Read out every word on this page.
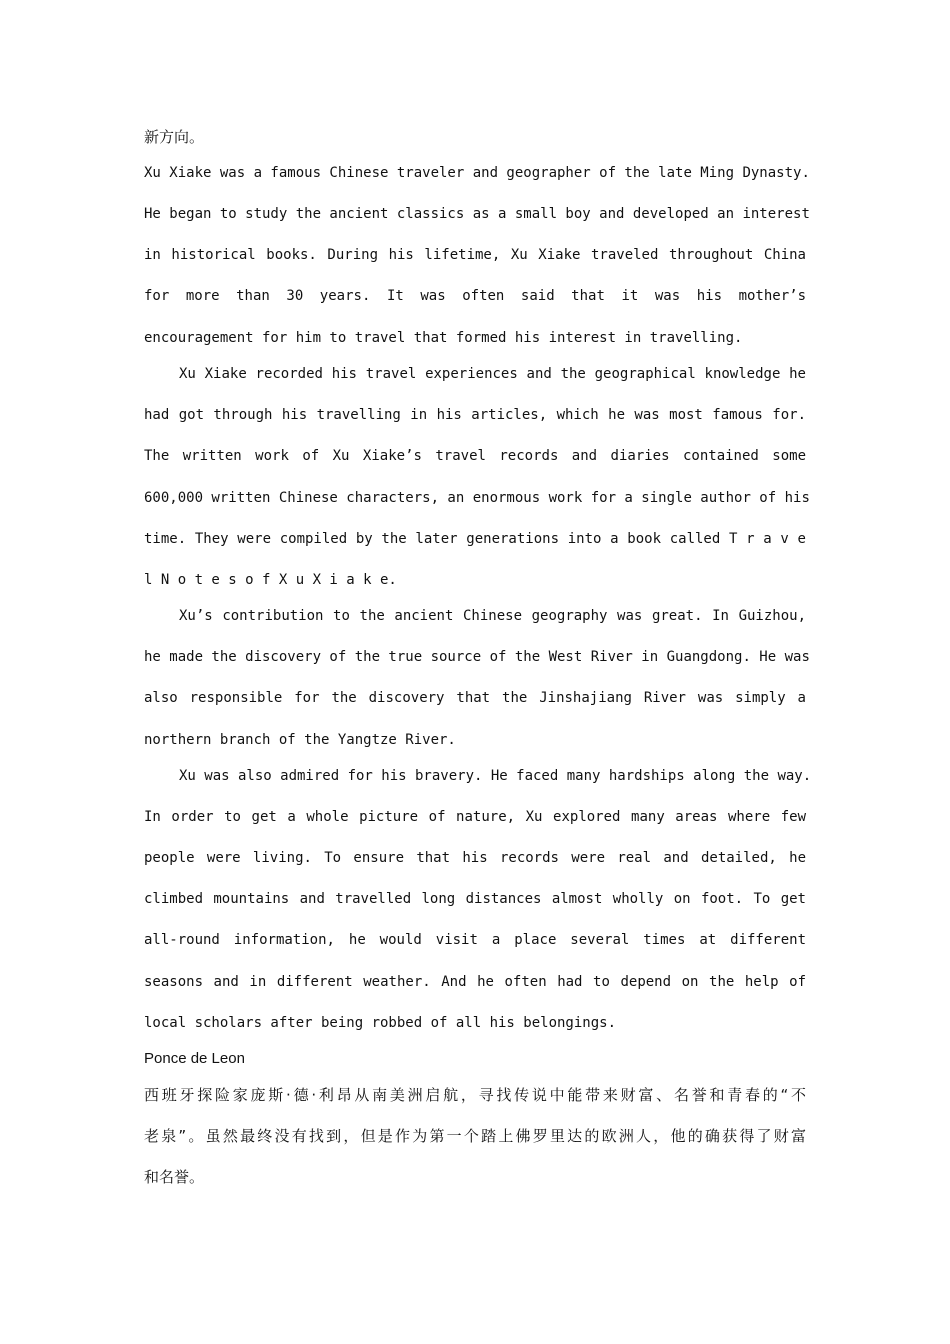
新方向。
Xu Xiake was a famous Chinese traveler and geographer of the late Ming Dynasty.
He began to study the ancient classics as a small boy and developed an interest
in historical books. During his lifetime, Xu Xiake traveled throughout China
for more than 30 years. It was often said that it was his mother’s
encouragement for him to travel that formed his interest in travelling.
Xu Xiake recorded his travel experiences and the geographical knowledge he
had got through his travelling in his articles, which he was most famous for.
The written work of Xu Xiake’s travel records and diaries contained some
600,000 written Chinese characters, an enormous work for a single author of his
time. They were compiled by the later generations into a book called T r a v e
l N o t e s o f X u X i a k e.
Xu’s contribution to the ancient Chinese geography was great. In Guizhou,
he made the discovery of the true source of the West River in Guangdong. He was
also responsible for the discovery that the Jinshajiang River was simply a
northern branch of the Yangtze River.
Xu was also admired for his bravery. He faced many hardships along the way.
In order to get a whole picture of nature, Xu explored many areas where few
people were living. To ensure that his records were real and detailed, he
climbed mountains and travelled long distances almost wholly on foot. To get
all-round information, he would visit a place several times at different
seasons and in different weather. And he often had to depend on the help of
local scholars after being robbed of all his belongings.
Ponce de Leon
西班牙探险家庞斯·德·利昂从南美洲启航，寻找传说中能带来财富、名誉和青春的“不
老泉”。虽然最终没有找到，但是作为第一个踏上佛罗里达的欧洲人，他的确获得了财富
和名誉。
